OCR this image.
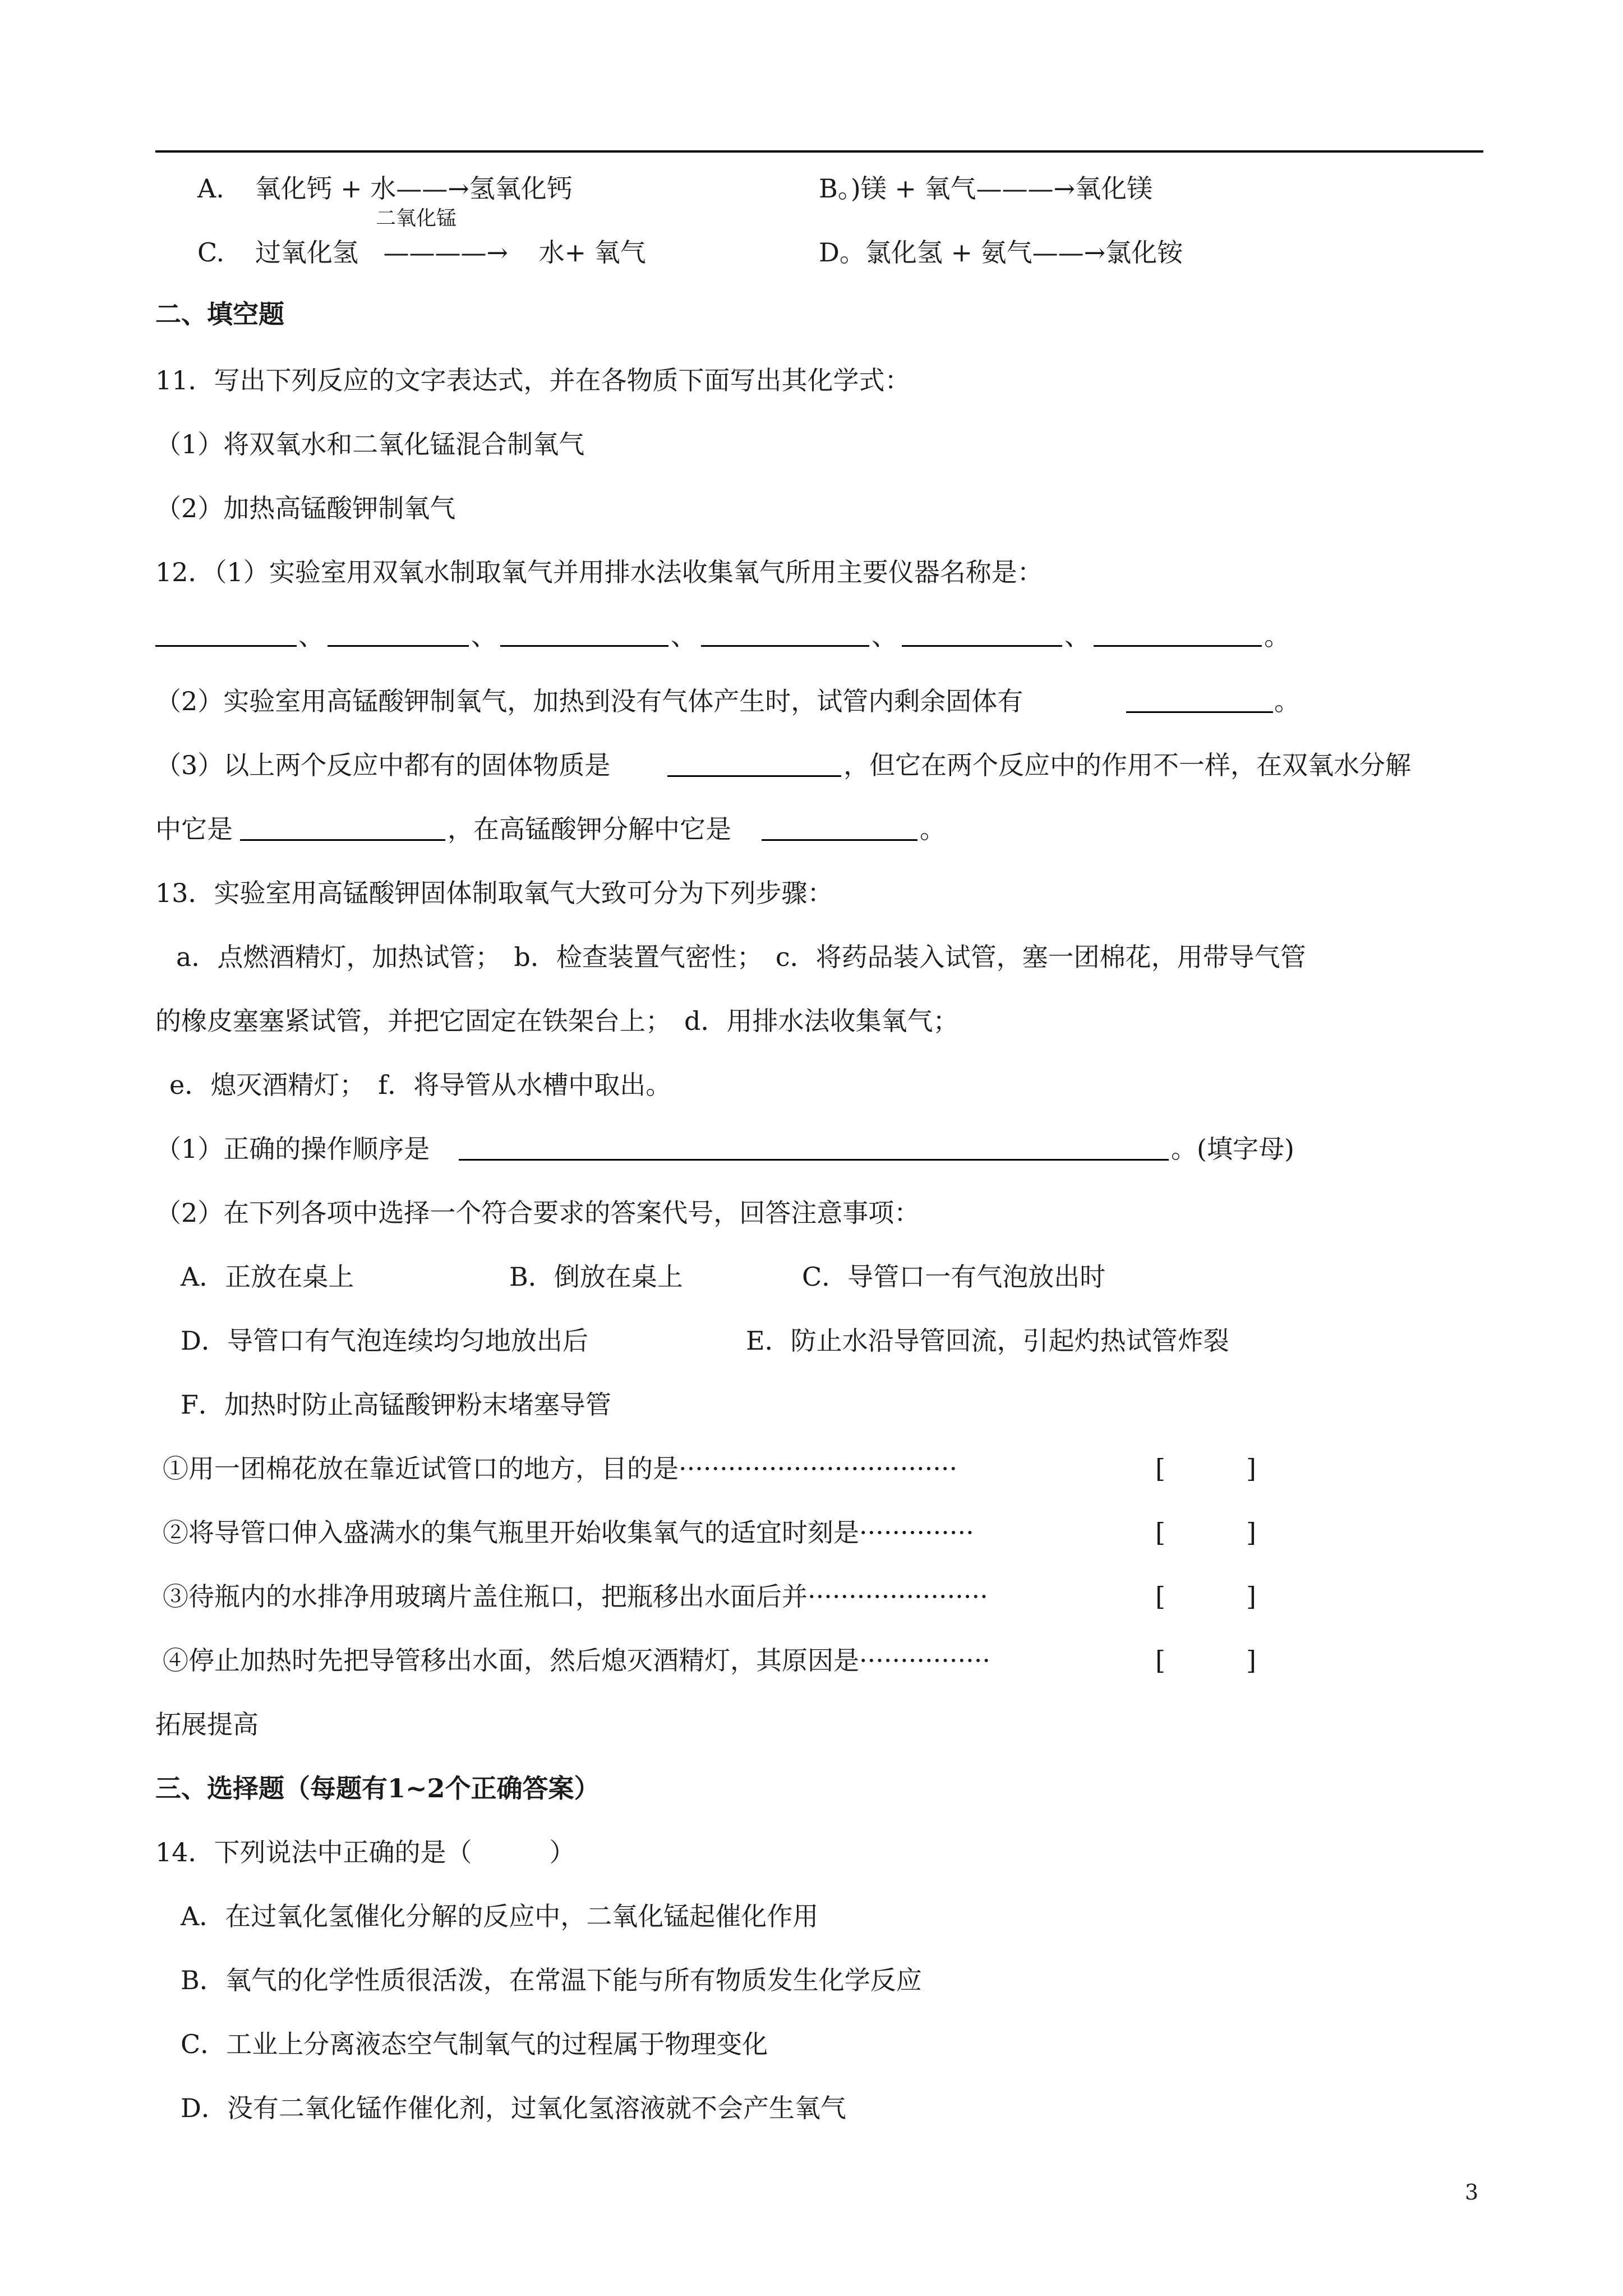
A. 氧化钙 + 水——→氢氧化钙	B。)镁 + 氧气———→氧化镁
二氧化锰
C. 过氧化氢 ————→ 水+ 氧气	D。氯化氢 + 氨气——→氯化铵
二、填空题
11．写出下列反应的文字表达式，并在各物质下面写出其化学式：
（1）将双氧水和二氧化锰混合制氧气
（2）加热高锰酸钾制氧气
12．（1）实验室用双氧水制取氧气并用排水法收集氧气所用主要仪器名称是：
、	、	、	、	、	。
（2）实验室用高锰酸钾制氧气，加热到没有气体产生时，试管内剩余固体有	。
（3）以上两个反应中都有的固体物质是	，但它在两个反应中的作用不一样，在双氧水分解
中它是	，在高锰酸钾分解中它是	。
13．实验室用高锰酸钾固体制取氧气大致可分为下列步骤：
a．点燃酒精灯，加热试管；　b．检查装置气密性；　c．将药品装入试管，塞一团棉花，用带导气管
的橡皮塞塞紧试管，并把它固定在铁架台上；　d．用排水法收集氧气；
e．熄灭酒精灯；　f．将导管从水槽中取出。
（1）正确的操作顺序是	。(填字母)
（2）在下列各项中选择一个符合要求的答案代号，回答注意事项：
A．正放在桌上	B．倒放在桌上	C．导管口一有气泡放出时
D．导管口有气泡连续均匀地放出后	E．防止水沿导管回流，引起灼热试管炸裂
F．加热时防止高锰酸钾粉末堵塞导管
①用一团棉花放在靠近试管口的地方，目的是··································	[	]
②将导管口伸入盛满水的集气瓶里开始收集氧气的适宜时刻是··············	[	]
③待瓶内的水排净用玻璃片盖住瓶口，把瓶移出水面后并······················	[	]
④停止加热时先把导管移出水面，然后熄灭酒精灯，其原因是················	[	]
拓展提高
三、选择题（每题有1~2个正确答案）
14．下列说法中正确的是（　　　）
A．在过氧化氢催化分解的反应中，二氧化锰起催化作用
B．氧气的化学性质很活泼，在常温下能与所有物质发生化学反应
C．工业上分离液态空气制氧气的过程属于物理变化
D．没有二氧化锰作催化剂，过氧化氢溶液就不会产生氧气
3
